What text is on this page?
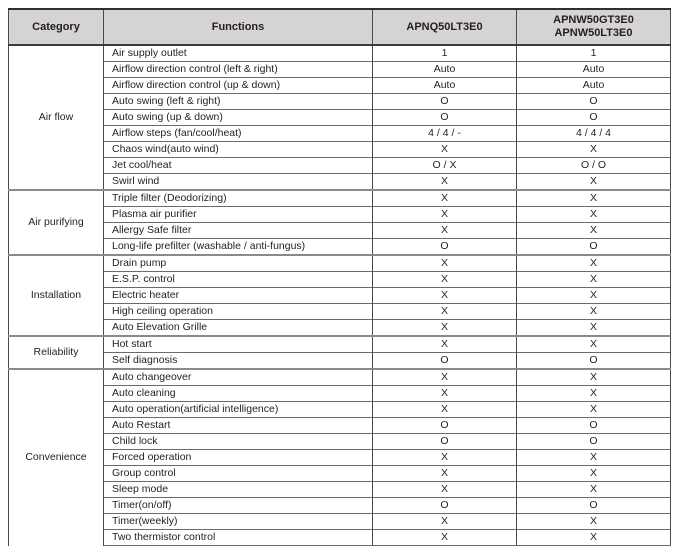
Category	Functions	APNQ50LT3E0	APNW50GT3E0
APNW50LT3E0

Air flow	Air supply outlet	1	1
	Airflow direction control (left & right)	Auto	Auto
	Airflow direction control (up & down)	Auto	Auto
	Auto swing (left & right)	O	O
	Auto swing (up & down)	O	O
	Airflow steps (fan/cool/heat)	4 / 4 / -	4 / 4 / 4
	Chaos wind(auto wind)	X	X
	Jet cool/heat	O / X	O / O
	Swirl wind	X	X
Air purifying	Triple filter (Deodorizing)	X	X
	Plasma air purifier	X	X
	Allergy Safe filter	X	X
	Long-life prefilter (washable / anti-fungus)	O	O
Installation	Drain pump	X	X
	E.S.P. control	X	X
	Electric heater	X	X
	High ceiling operation	X	X
	Auto Elevation Grille	X	X
Reliability	Hot start	X	X
	Self diagnosis	O	O
Convenience	Auto changeover	X	X
	Auto cleaning	X	X
	Auto operation(artificial intelligence)	X	X
	Auto Restart	O	O
	Child lock	O	O
	Forced operation	X	X
	Group control	X	X
	Sleep mode	X	X
	Timer(on/off)	O	O
	Timer(weekly)	X	X
	Two thermistor control	X	X
